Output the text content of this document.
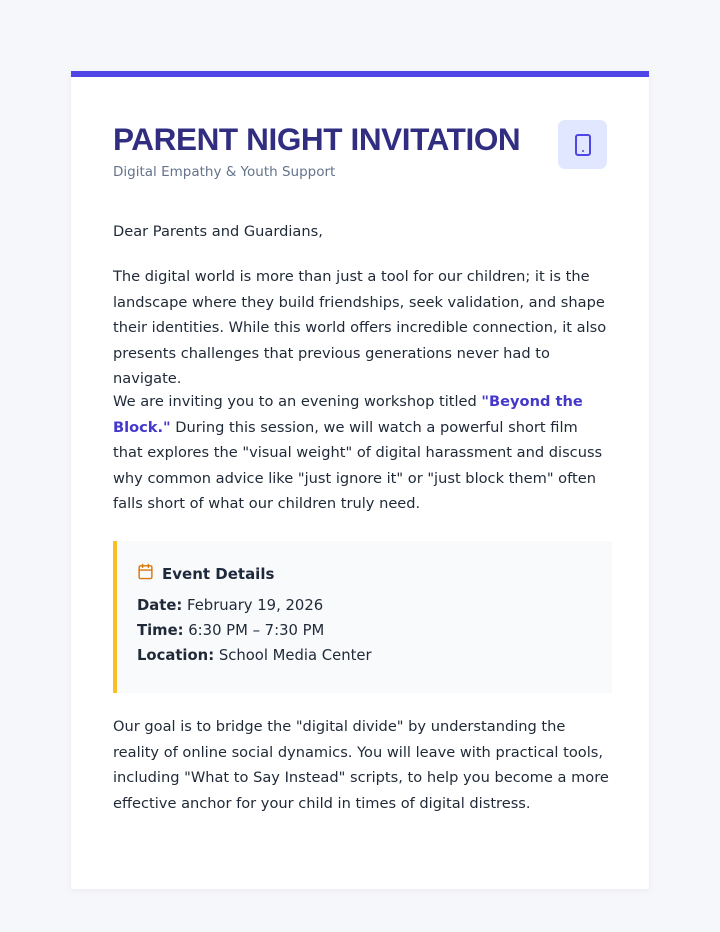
PARENT NIGHT INVITATION
Digital Empathy & Youth Support

Dear Parents and Guardians,

The digital world is more than just a tool for our children; it is the landscape where they build friendships, seek validation, and shape their identities. While this world offers incredible connection, it also presents challenges that previous generations never had to navigate.

We are inviting you to an evening workshop titled "Beyond the Block." During this session, we will watch a powerful short film that explores the "visual weight" of digital harassment and discuss why common advice like "just ignore it" or "just block them" often falls short of what our children truly need.

Event Details
Date: February 19, 2026
Time: 6:30 PM – 7:30 PM
Location: School Media Center

Our goal is to bridge the "digital divide" by understanding the reality of online social dynamics. You will leave with practical tools, including "What to Say Instead" scripts, to help you become a more effective anchor for your child in times of digital distress.
